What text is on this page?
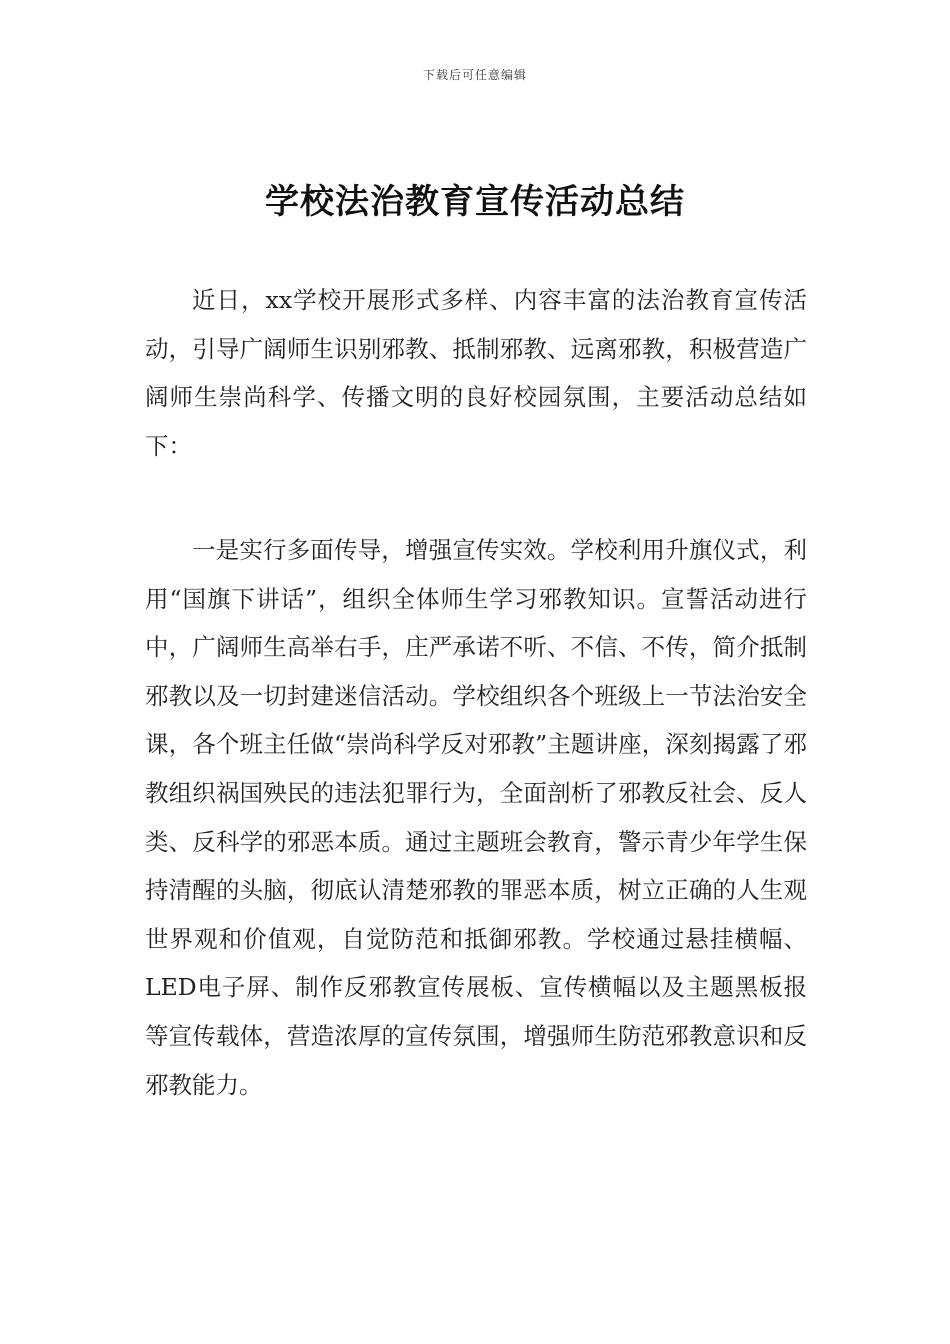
下载后可任意编辑
学校法治教育宣传活动总结

近日，xx学校开展形式多样、内容丰富的法治教育宣传活动，引导广阔师生识别邪教、抵制邪教、远离邪教，积极营造广阔师生崇尚科学、传播文明的良好校园氛围，主要活动总结如下：

一是实行多面传导，增强宣传实效。学校利用升旗仪式，利用“国旗下讲话”，组织全体师生学习邪教知识。宣誓活动进行中，广阔师生高举右手，庄严承诺不听、不信、不传，简介抵制邪教以及一切封建迷信活动。学校组织各个班级上一节法治安全课，各个班主任做“崇尚科学反对邪教”主题讲座，深刻揭露了邪教组织祸国殃民的违法犯罪行为，全面剖析了邪教反社会、反人类、反科学的邪恶本质。通过主题班会教育，警示青少年学生保持清醒的头脑，彻底认清楚邪教的罪恶本质，树立正确的人生观世界观和价值观，自觉防范和抵御邪教。学校通过悬挂横幅、LED电子屏、制作反邪教宣传展板、宣传横幅以及主题黑板报等宣传载体，营造浓厚的宣传氛围，增强师生防范邪教意识和反邪教能力。
